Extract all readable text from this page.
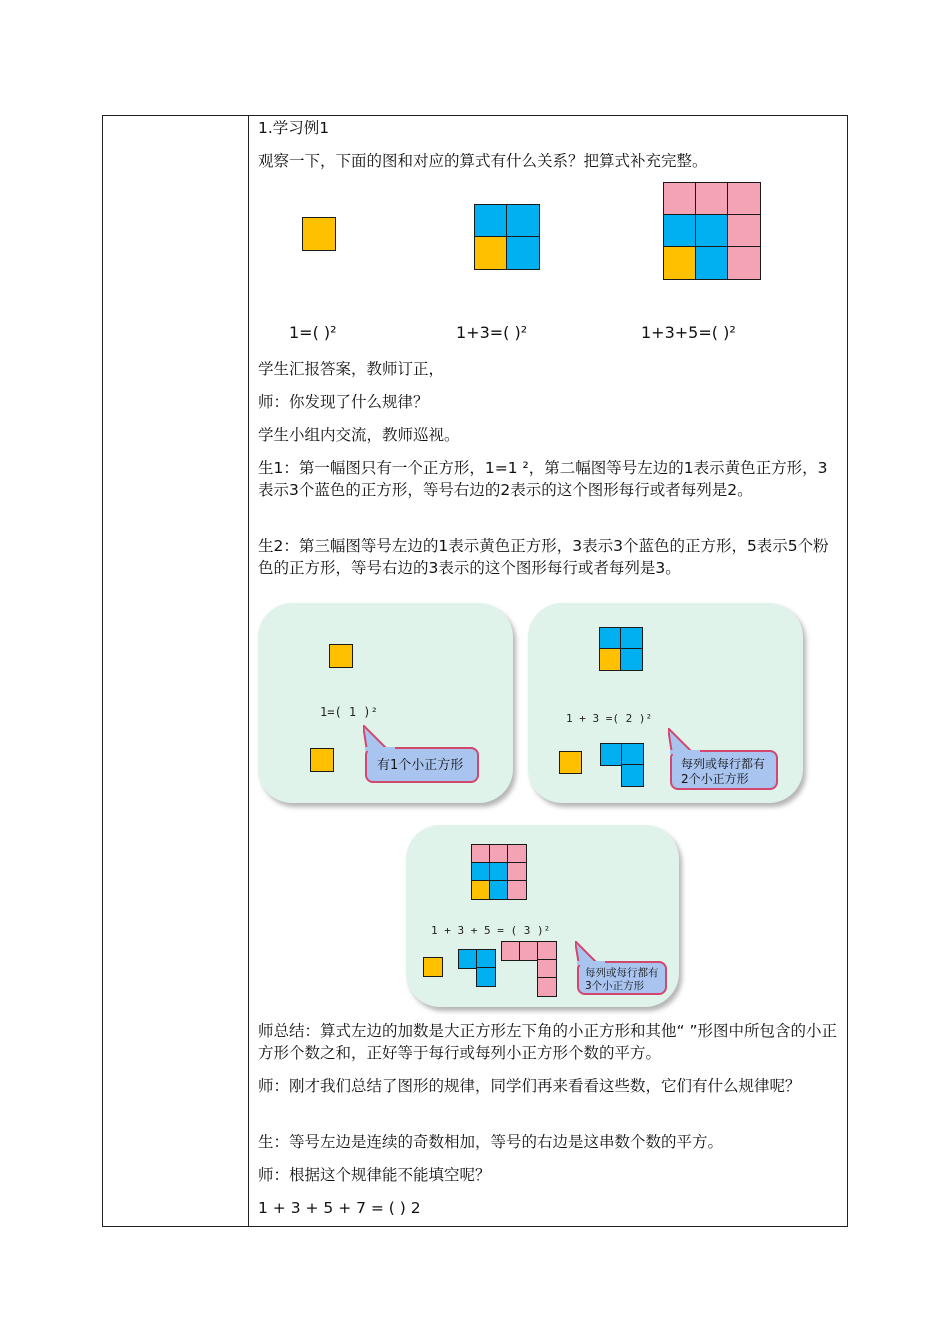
1.学习例1
观察一下，下面的图和对应的算式有什么关系？把算式补充完整。
1=( )²	1+3=( )²	1+3+5=( )²
学生汇报答案，教师订正，
师：你发现了什么规律？
学生小组内交流，教师巡视。
生1：第一幅图只有一个正方形，1=1 ²，第二幅图等号左边的1表示黄色正方形，3表示3个蓝色的正方形，等号右边的2表示的这个图形每行或者每列是2。
生2：第三幅图等号左边的1表示黄色正方形，3表示3个蓝色的正方形，5表示5个粉色的正方形，等号右边的3表示的这个图形每行或者每列是3。
1=( 1 )²
有1个小正方形
1 + 3 =( 2 )²
每列或每行都有
2个小正方形
1 + 3 + 5 = ( 3 )²
每列或每行都有
3个小正方形
师总结：算式左边的加数是大正方形左下角的小正方形和其他“ ”形图中所包含的小正方形个数之和，正好等于每行或每列小正方形个数的平方。
师：刚才我们总结了图形的规律，同学们再来看看这些数，它们有什么规律呢？
生：等号左边是连续的奇数相加，等号的右边是这串数个数的平方。
师：根据这个规律能不能填空呢？
1 + 3 + 5 + 7 = ( ) 2
